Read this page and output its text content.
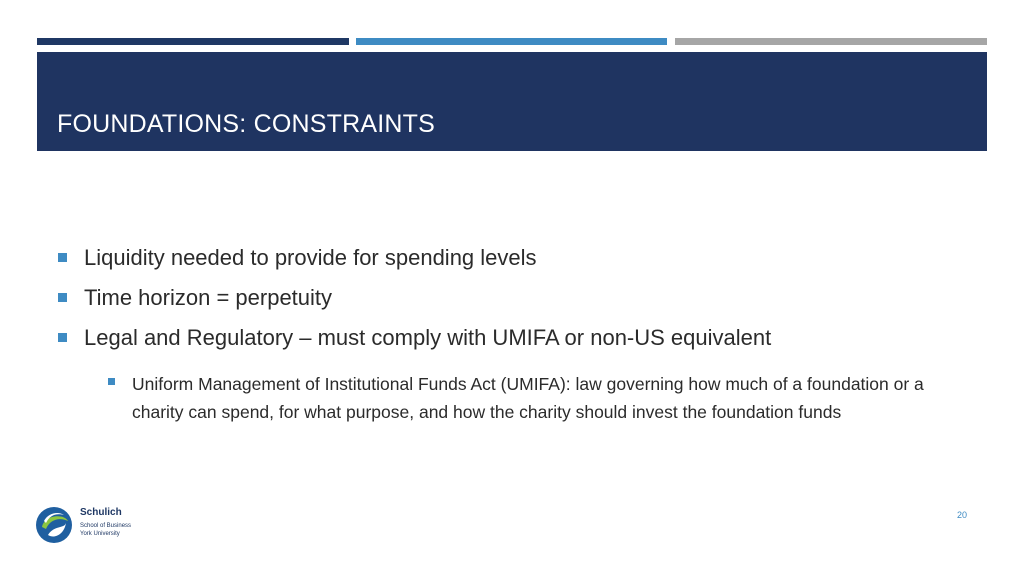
FOUNDATIONS: CONSTRAINTS
Liquidity needed to provide for spending levels
Time horizon = perpetuity
Legal and Regulatory – must comply with UMIFA or non-US equivalent
Uniform Management of Institutional Funds Act (UMIFA): law governing how much of a foundation or a charity can spend, for what purpose, and how the charity should invest the foundation funds
Schulich
School of Business
York University
20
